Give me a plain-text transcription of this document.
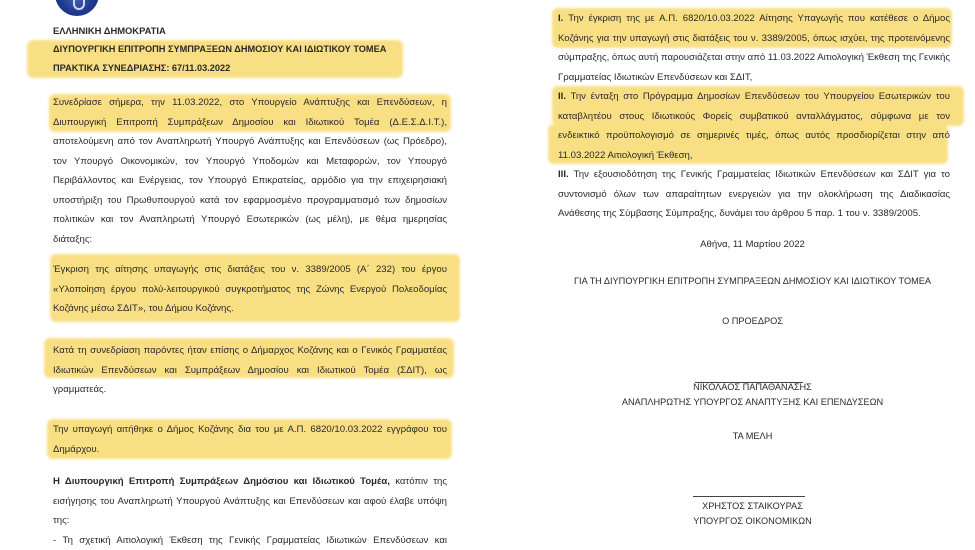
ΕΛΛΗΝΙΚΗ ΔΗΜΟΚΡΑΤΙΑ
ΔΙΥΠΟΥΡΓΙΚΗ ΕΠΙΤΡΟΠΗ ΣΥΜΠΡΑΞΕΩΝ ΔΗΜΟΣΙΟΥ ΚΑΙ ΙΔΙΩΤΙΚΟΥ ΤΟΜΕΑ
ΠΡΑΚΤΙΚΑ ΣΥΝΕΔΡΙΑΣΗΣ: 67/11.03.2022
Συνεδρίασε σήμερα, την 11.03.2022, στο Υπουργείο Ανάπτυξης και Επενδύσεων, η
Διυπουργική Επιτροπή Συμπράξεων Δημοσίου και Ιδιωτικού Τομέα (Δ.Ε.Σ.Δ.Ι.Τ.),
αποτελούμενη από τον Αναπληρωτή Υπουργό Ανάπτυξης και Επενδύσεων (ως Πρόεδρο),
τον Υπουργό Οικονομικών, τον Υπουργό Υποδομών και Μεταφορών, τον Υπουργό
Περιβάλλοντος και Ενέργειας, τον Υπουργό Επικρατείας, αρμόδιο για την επιχειρησιακή
υποστήριξη του Πρωθυπουργού κατά τον εφαρμοσμένο προγραμματισμό των δημοσίων
πολιτικών και τον Αναπληρωτή Υπουργό Εσωτερικών (ως μέλη), με θέμα ημερησίας
διάταξης:
Έγκριση της αίτησης υπαγωγής στις διατάξεις του ν. 3389/2005 (Α΄ 232) του έργου
«Υλοποίηση έργου πολύ-λειτουργικού συγκροτήματος της Ζώνης Ενεργού Πολεοδομίας
Κοζάνης μέσω ΣΔΙΤ», του Δήμου Κοζάνης.
Κατά τη συνεδρίαση παρόντες ήταν επίσης ο Δήμαρχος Κοζάνης και ο Γενικός Γραμματέας
Ιδιωτικών Επενδύσεων και Συμπράξεων Δημοσίου και Ιδιωτικού Τομέα (ΣΔΙΤ), ως
γραμματεάς.
Την υπαγωγή αιτήθηκε ο Δήμος Κοζάνης δια του με Α.Π. 6820/10.03.2022 εγγράφου του
Δημάρχου.
Η Διυπουργική Επιτροπή Συμπράξεων Δημόσιου και Ιδιωτικού Τομέα, κατόπιν της
εισήγησης του Αναπληρωτή Υπουργού Ανάπτυξης και Επενδύσεων και αφού έλαβε υπόψη
της:
- Τη σχετική Αιτιολογική Έκθεση της Γενικής Γραμματείας Ιδιωτικών Επενδύσεων και
I. Την έγκριση της με Α.Π. 6820/10.03.2022 Αίτησης Υπαγωγής που κατέθεσε ο Δήμος
Κοζάνης για την υπαγωγή στις διατάξεις του ν. 3389/2005, όπως ισχύει, της προτεινόμενης
σύμπραξης, όπως αυτή παρουσιάζεται στην από 11.03.2022 Αιτιολογική Έκθεση της Γενικής
Γραμματείας Ιδιωτικών Επενδύσεων και ΣΔΙΤ,
II. Την ένταξη στο Πρόγραμμα Δημοσίων Επενδύσεων του Υπουργείου Εσωτερικών του
καταβλητέου στους Ιδιωτικούς Φορείς συμβατικού ανταλλάγματος, σύμφωνα με τον
ενδεικτικό προϋπολογισμό σε σημερινές τιμές, όπως αυτός προσδιορίζεται στην από
11.03.2022 Αιτιολογική Έκθεση,
III. Την εξουσιοδότηση της Γενικής Γραμματείας Ιδιωτικών Επενδύσεων και ΣΔΙΤ για το
συντονισμό όλων των απαραίτητων ενεργειών για την ολοκλήρωση της Διαδικασίας
Ανάθεσης της Σύμβασης Σύμπραξης, δυνάμει του άρθρου 5 παρ. 1 του ν. 3389/2005.
Αθήνα, 11 Μαρτίου 2022
ΓΙΑ ΤΗ ΔΙΥΠΟΥΡΓΙΚΗ ΕΠΙΤΡΟΠΗ ΣΥΜΠΡΑΞΕΩΝ ΔΗΜΟΣΙΟΥ ΚΑΙ ΙΔΙΩΤΙΚΟΥ ΤΟΜΕΑ
Ο ΠΡΟΕΔΡΟΣ
ΝΙΚΟΛΑΟΣ ΠΑΠΑΘΑΝΑΣΗΣ
ΑΝΑΠΛΗΡΩΤΗΣ ΥΠΟΥΡΓΟΣ ΑΝΑΠΤΥΞΗΣ ΚΑΙ ΕΠΕΝΔΥΣΕΩΝ
ΤΑ ΜΕΛΗ
ΧΡΗΣΤΟΣ ΣΤΑΙΚΟΥΡΑΣ
ΥΠΟΥΡΓΟΣ ΟΙΚΟΝΟΜΙΚΩΝ
